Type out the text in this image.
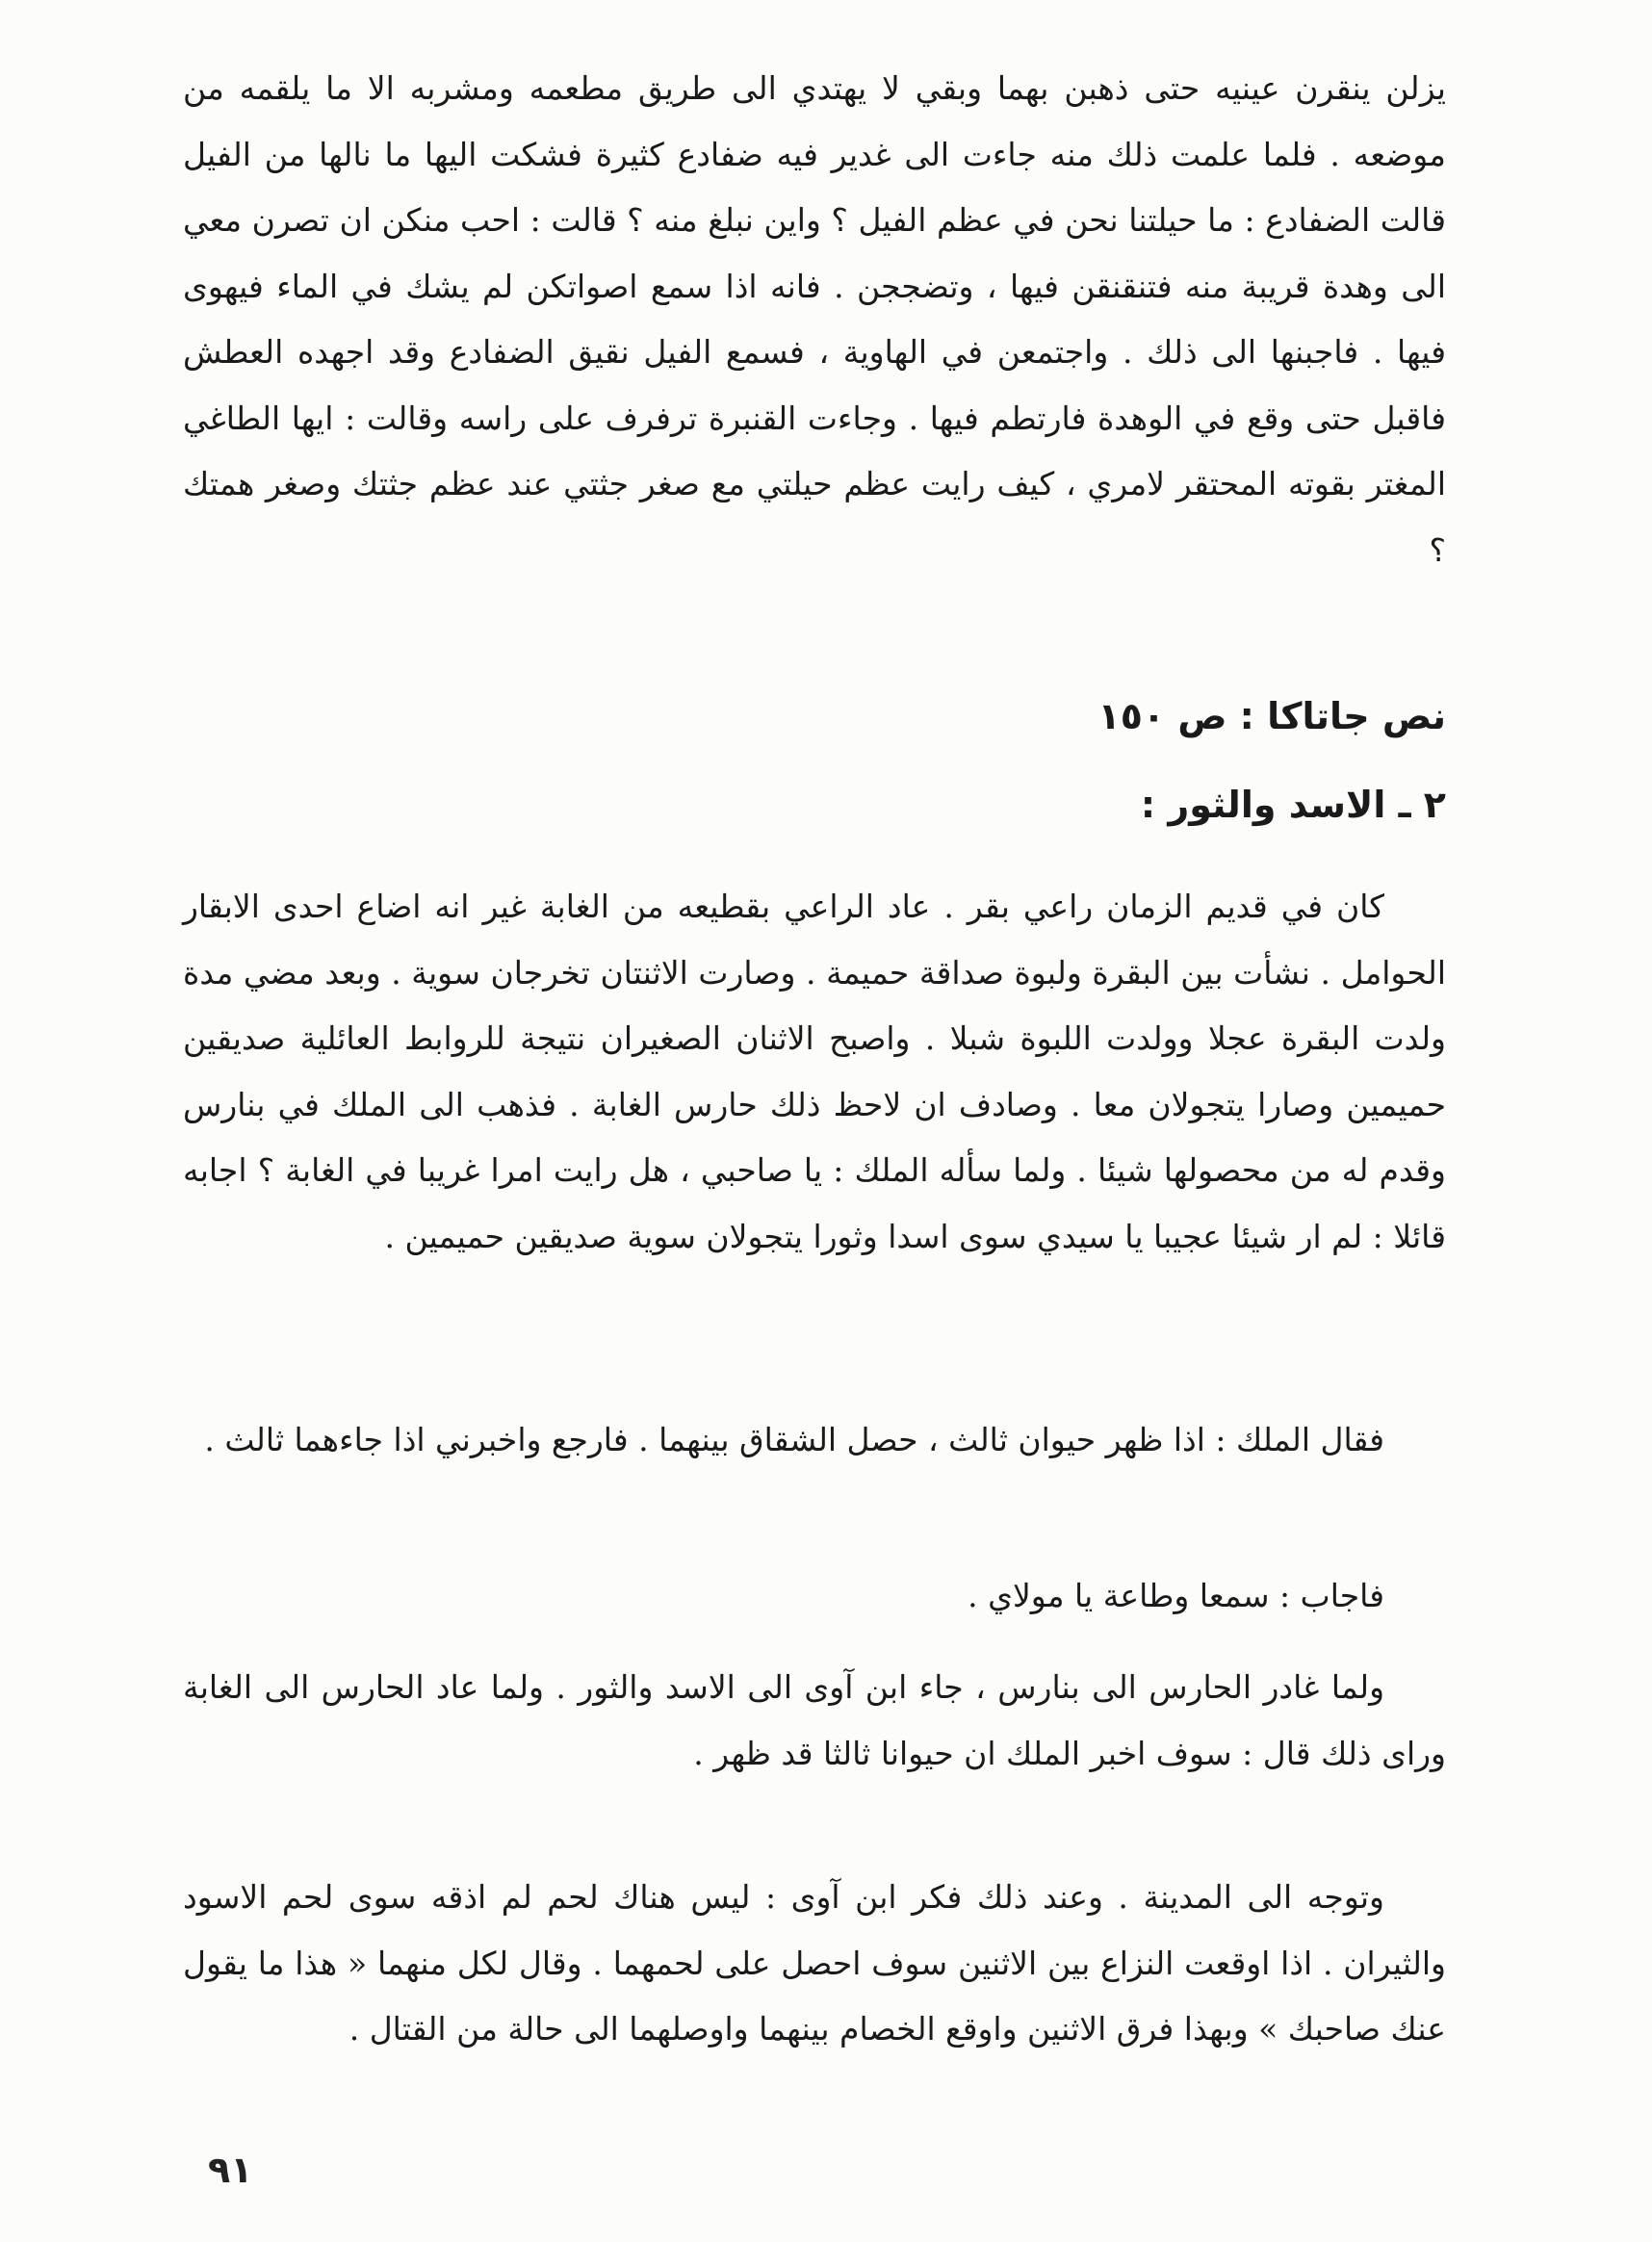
يزلن ينقرن عينيه حتى ذهبن بهما وبقي لا يهتدي الى طريق مطعمه ومشربه الا ما يلقمه من موضعه . فلما علمت ذلك منه جاءت الى غدير فيه ضفادع كثيرة فشكت اليها ما نالها من الفيل قالت الضفادع : ما حيلتنا نحن في عظم الفيل ؟ واين نبلغ منه ؟ قالت : احب منكن ان تصرن معي الى وهدة قريبة منه فتنقنقن فيها ، وتضججن . فانه اذا سمع اصواتكن لم يشك في الماء فيهوى فيها . فاجبنها الى ذلك . واجتمعن في الهاوية ، فسمع الفيل نقيق الضفادع وقد اجهده العطش فاقبل حتى وقع في الوهدة فارتطم فيها . وجاءت القنبرة ترفرف على راسه وقالت : ايها الطاغي المغتر بقوته المحتقر لامري ، كيف رايت عظم حيلتي مع صغر جثتي عند عظم جثتك وصغر همتك ؟

نص جاتاكا : ص ١٥٠
٢ ـ الاسد والثور :

كان في قديم الزمان راعي بقر . عاد الراعي بقطيعه من الغابة غير انه اضاع احدى الابقار الحوامل . نشأت بين البقرة ولبوة صداقة حميمة . وصارت الاثنتان تخرجان سوية . وبعد مضي مدة ولدت البقرة عجلا وولدت اللبوة شبلا . واصبح الاثنان الصغيران نتيجة للروابط العائلية صديقين حميمين وصارا يتجولان معا . وصادف ان لاحظ ذلك حارس الغابة . فذهب الى الملك في بنارس وقدم له من محصولها شيئا . ولما سأله الملك : يا صاحبي ، هل رايت امرا غريبا في الغابة ؟ اجابه قائلا : لم ار شيئا عجيبا يا سيدي سوى اسدا وثورا يتجولان سوية صديقين حميمين .

فقال الملك : اذا ظهر حيوان ثالث ، حصل الشقاق بينهما . فارجع واخبرني اذا جاءهما ثالث .

فاجاب : سمعا وطاعة يا مولاي .

ولما غادر الحارس الى بنارس ، جاء ابن آوى الى الاسد والثور . ولما عاد الحارس الى الغابة وراى ذلك قال : سوف اخبر الملك ان حيوانا ثالثا قد ظهر .

وتوجه الى المدينة . وعند ذلك فكر ابن آوى : ليس هناك لحم لم اذقه سوى لحم الاسود والثيران . اذا اوقعت النزاع بين الاثنين سوف احصل على لحمهما . وقال لكل منهما « هذا ما يقول عنك صاحبك » وبهذا فرق الاثنين واوقع الخصام بينهما واوصلهما الى حالة من القتال .

٩١
